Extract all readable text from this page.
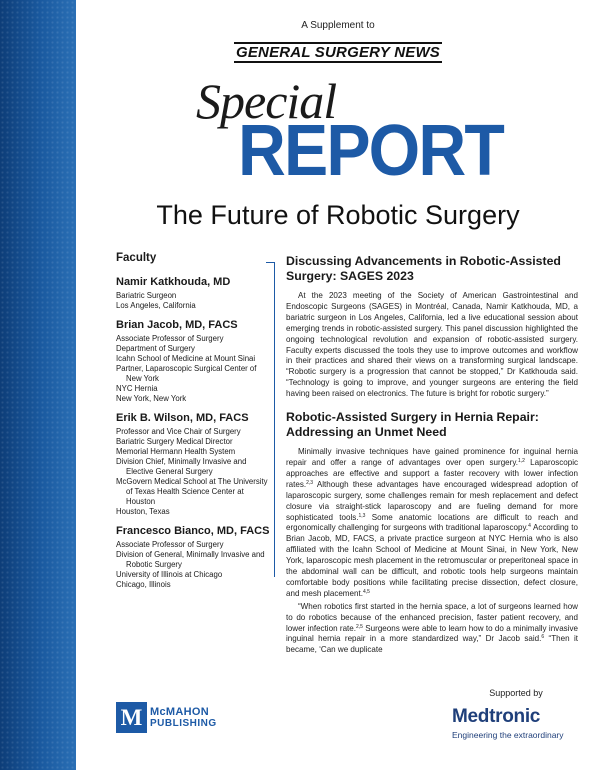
A Supplement to
GENERAL SURGERY NEWS
Special
REPORT
The Future of Robotic Surgery
Faculty
Namir Katkhouda, MD
Bariatric Surgeon
Los Angeles, California
Brian Jacob, MD, FACS
Associate Professor of Surgery
Department of Surgery
Icahn School of Medicine at Mount Sinai
Partner, Laparoscopic Surgical Center of
New York
NYC Hernia
New York, New York
Erik B. Wilson, MD, FACS
Professor and Vice Chair of Surgery
Bariatric Surgery Medical Director
Memorial Hermann Health System
Division Chief, Minimally Invasive and
Elective General Surgery
McGovern Medical School at The University
of Texas Health Science Center at
Houston
Houston, Texas
Francesco Bianco, MD, FACS
Associate Professor of Surgery
Division of General, Minimally Invasive and
Robotic Surgery
University of Illinois at Chicago
Chicago, Illinois
Discussing Advancements in Robotic-Assisted Surgery: SAGES 2023

At the 2023 meeting of the Society of American Gastrointestinal and Endoscopic Surgeons (SAGES) in Montréal, Canada, Namir Katkhouda, MD, a bariatric surgeon in Los Angeles, California, led a live educational session about emerging trends in robotic-assisted surgery. This panel discussion highlighted the ongoing technological revolution and expansion of robotic-assisted surgery. Faculty experts discussed the tools they use to improve outcomes and workflow in their practices and shared their views on a transforming surgical landscape. “Robotic surgery is a progression that cannot be stopped,” Dr Katkhouda said. “Technology is going to improve, and younger surgeons are entering the field having been raised on electronics. The future is bright for robotic surgery.”

Robotic-Assisted Surgery in Hernia Repair: Addressing an Unmet Need

Minimally invasive techniques have gained prominence for inguinal hernia repair and offer a range of advantages over open surgery.$^{1,2}$ Laparoscopic approaches are effective and support a faster recovery with lower infection rates.$^{2,3}$ Although these advantages have encouraged widespread adoption of laparoscopic surgery, some challenges remain for mesh replacement and defect closure via straight-stick laparoscopy and are fueling demand for more sophisticated tools.$^{1,3}$ Some anatomic locations are difficult to reach and ergonomically challenging for surgeons with traditional laparoscopy.$^4$ According to Brian Jacob, MD, FACS, a private practice surgeon at NYC Hernia who is also affiliated with the Icahn School of Medicine at Mount Sinai, in New York, New York, laparoscopic mesh placement in the retromuscular or preperitoneal space in the abdominal wall can be difficult, and robotic tools help surgeons maintain comfortable body positions while facilitating precise dissection, defect closure, and mesh placement.$^{4,5}$

“When robotics first started in the hernia space, a lot of surgeons learned how to do robotics because of the enhanced precision, faster patient recovery, and lower infection rate.$^{2,5}$ Surgeons were able to learn how to do a minimally invasive inguinal hernia repair in a more standardized way,” Dr Jacob said.$^6$ “Then it became, ‘Can we duplicate

M McMAHON
PUBLISHING
Supported by
Medtronic
Engineering the extraordinary
